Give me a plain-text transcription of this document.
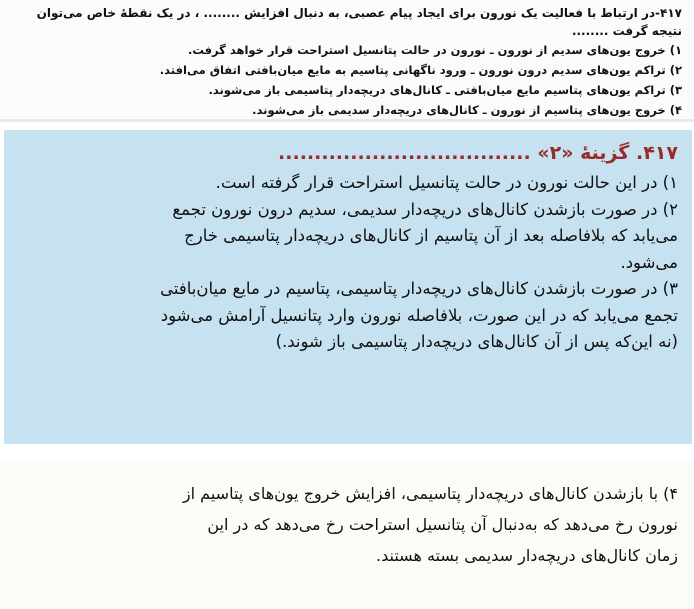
۴۱۷-در ارتباط با فعالیت یک نورون برای ایجاد پیام عصبی، به دنبال افزایش ........ ، در یک نقطهٔ خاص می‌توان نتیجه گرفت ........

۱) خروج یون‌های سدیم از نورون ـ نورون در حالت پتانسیل استراحت قرار خواهد گرفت.

۲) تراکم یون‌های سدیم درون نورون ـ ورود ناگهانی پتاسیم به مایع میان‌بافتی اتفاق می‌افتد.

۳) تراکم یون‌های پتاسیم مایع میان‌بافتی ـ کانال‌های دریچه‌دار پتاسیمی باز می‌شوند.

۴) خروج یون‌های پتاسیم از نورون ـ کانال‌های دریچه‌دار سدیمی باز می‌شوند.

۴۱۷. گزینهٔ «۲» ...................................

۱) در این حالت نورون در حالت پتانسیل استراحت قرار گرفته است.

۲) در صورت بازشدن کانال‌های دریچه‌دار سدیمی، سدیم درون نورون تجمع

می‌یابد که بلافاصله بعد از آن پتاسیم از کانال‌های دریچه‌دار پتاسیمی خارج

می‌شود.

۳) در صورت بازشدن کانال‌های دریچه‌دار پتاسیمی، پتاسیم در مایع میان‌بافتی

تجمع می‌یابد که در این صورت، بلافاصله نورون وارد پتانسیل آرامش می‌شود

(نه این‌که پس از آن کانال‌های دریچه‌دار پتاسیمی باز شوند.)

۴) با بازشدن کانال‌های دریچه‌دار پتاسیمی، افزایش خروج یون‌های پتاسیم از

نورون رخ می‌دهد که به‌دنبال آن پتانسیل استراحت رخ می‌دهد که در این

زمان کانال‌های دریچه‌دار سدیمی بسته هستند.
